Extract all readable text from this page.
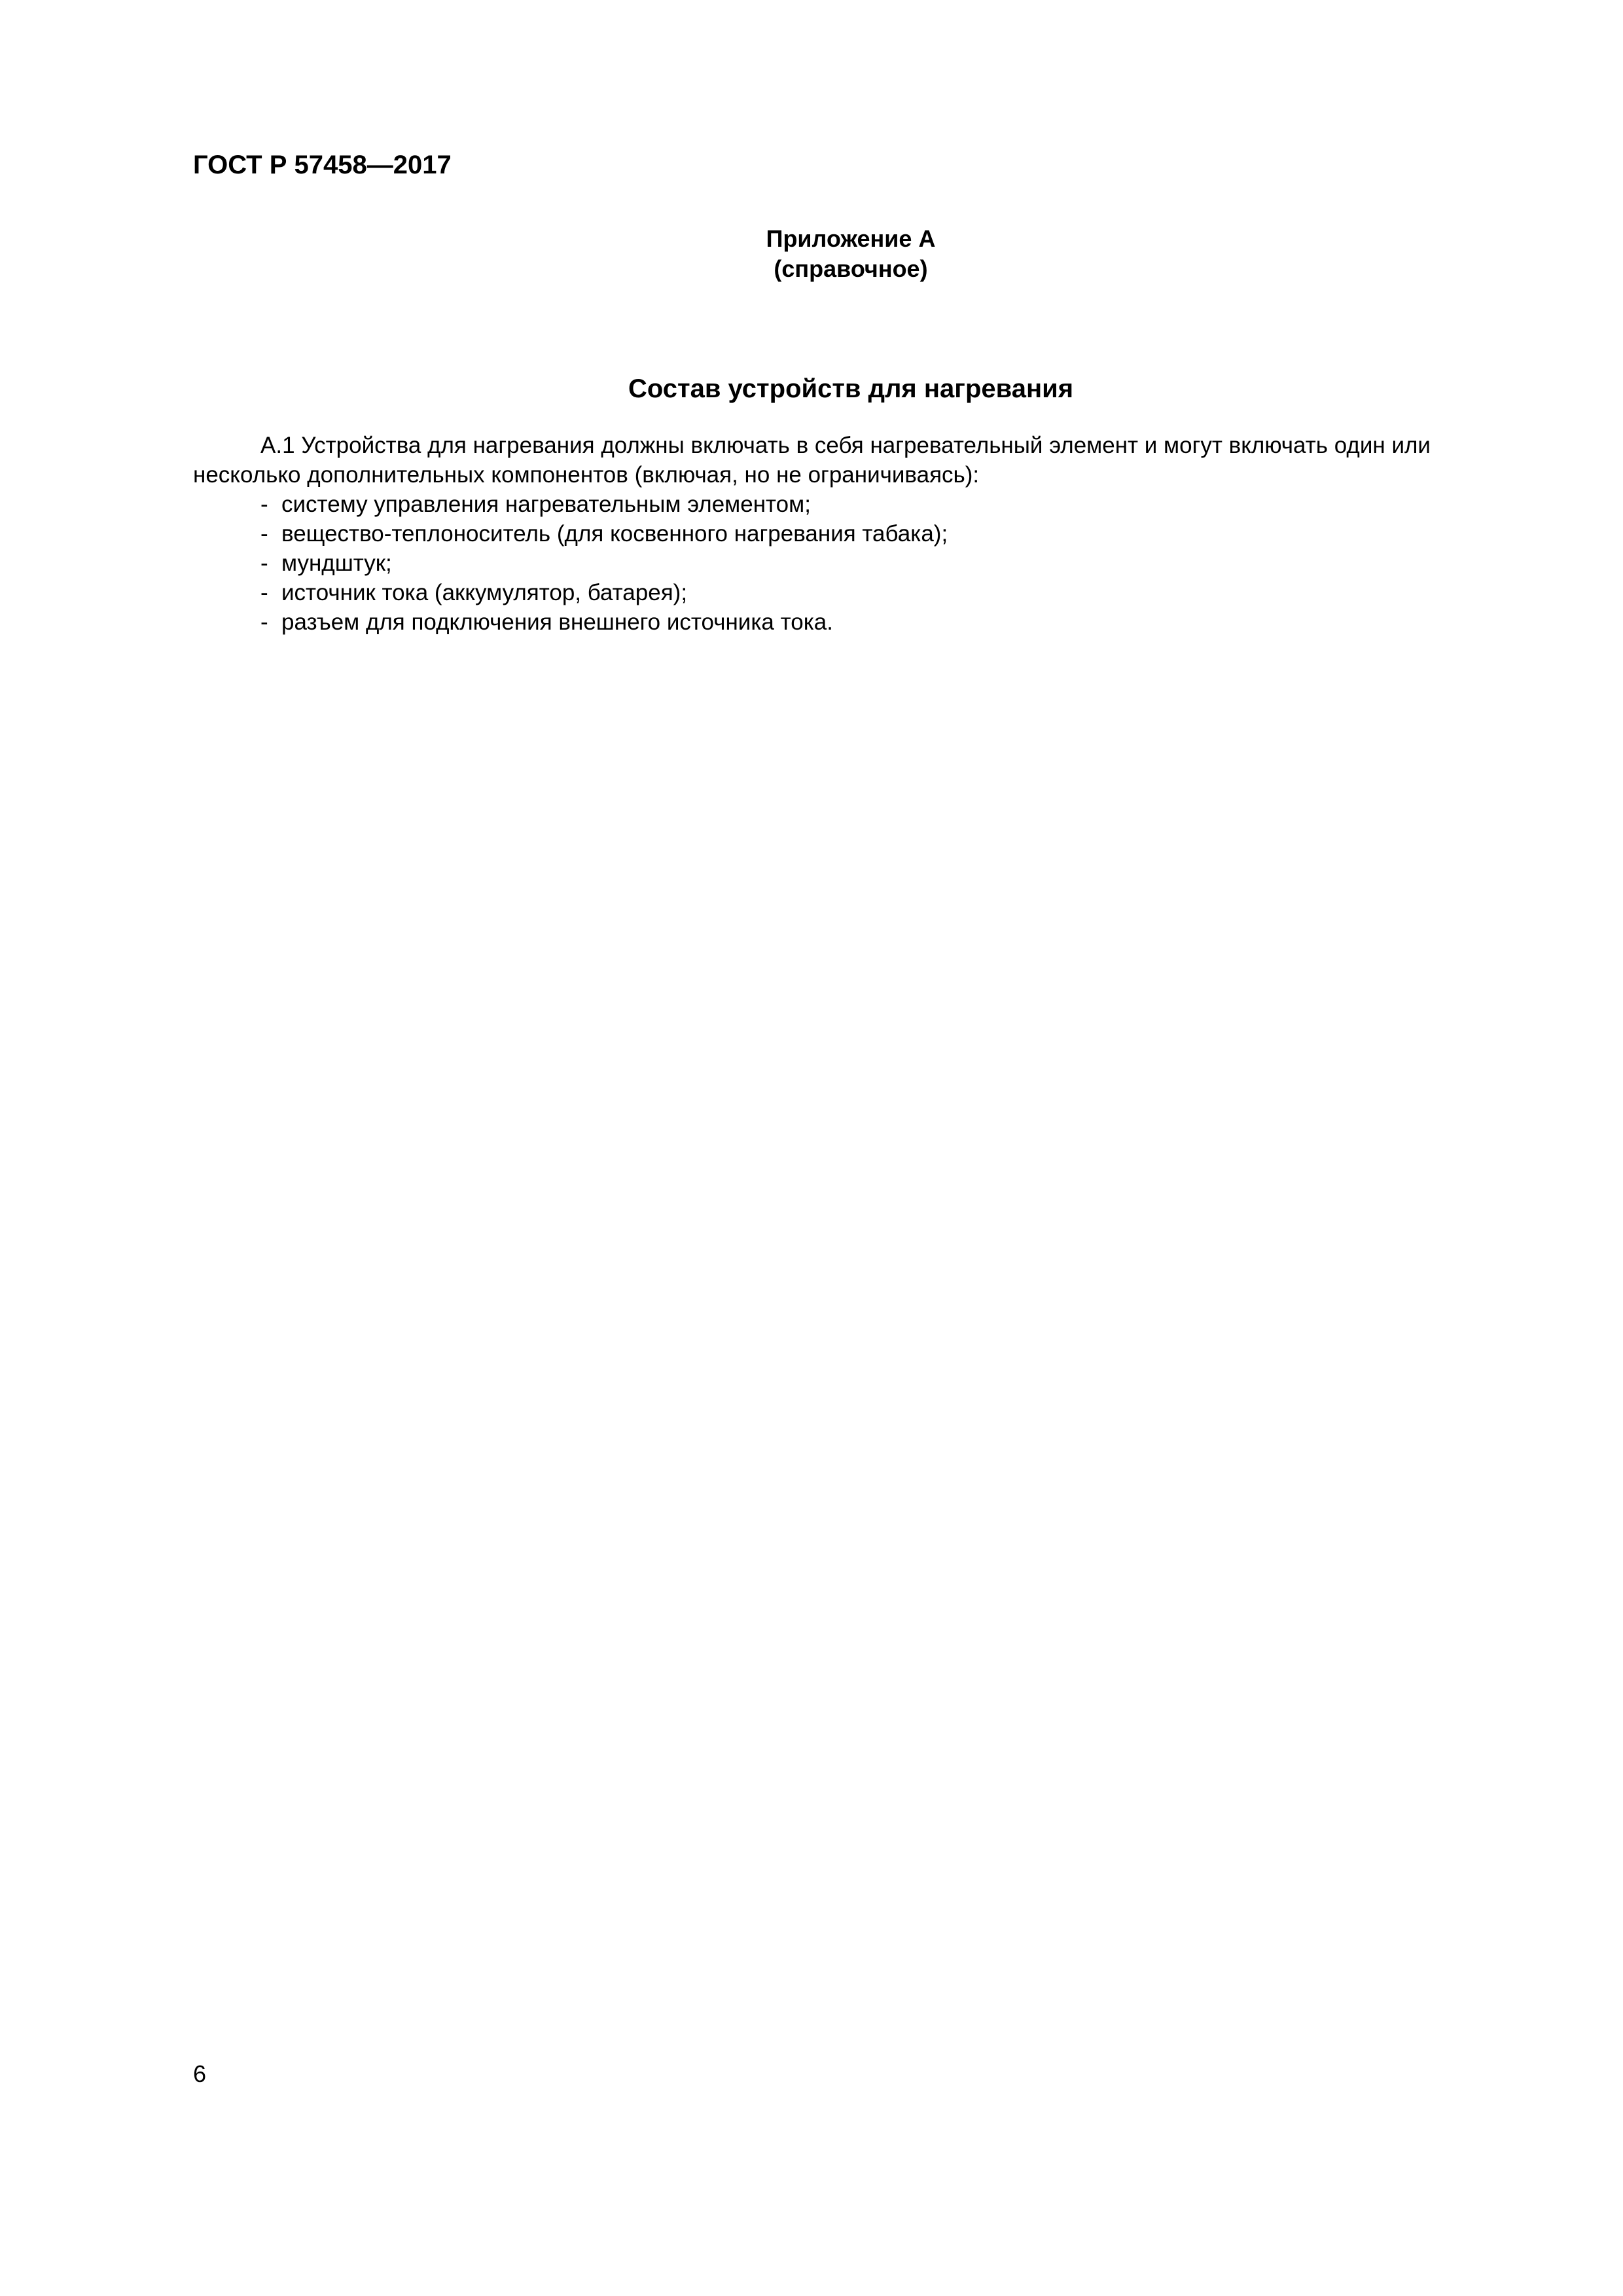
ГОСТ Р 57458—2017
Приложение А
(справочное)
Состав устройств для нагревания
А.1 Устройства для нагревания должны включать в себя нагревательный элемент и могут включать один или
несколько дополнительных компонентов (включая, но не ограничиваясь):
- систему управления нагревательным элементом;
- вещество-теплоноситель (для косвенного нагревания табака);
- мундштук;
- источник тока (аккумулятор, батарея);
- разъем для подключения внешнего источника тока.
6
